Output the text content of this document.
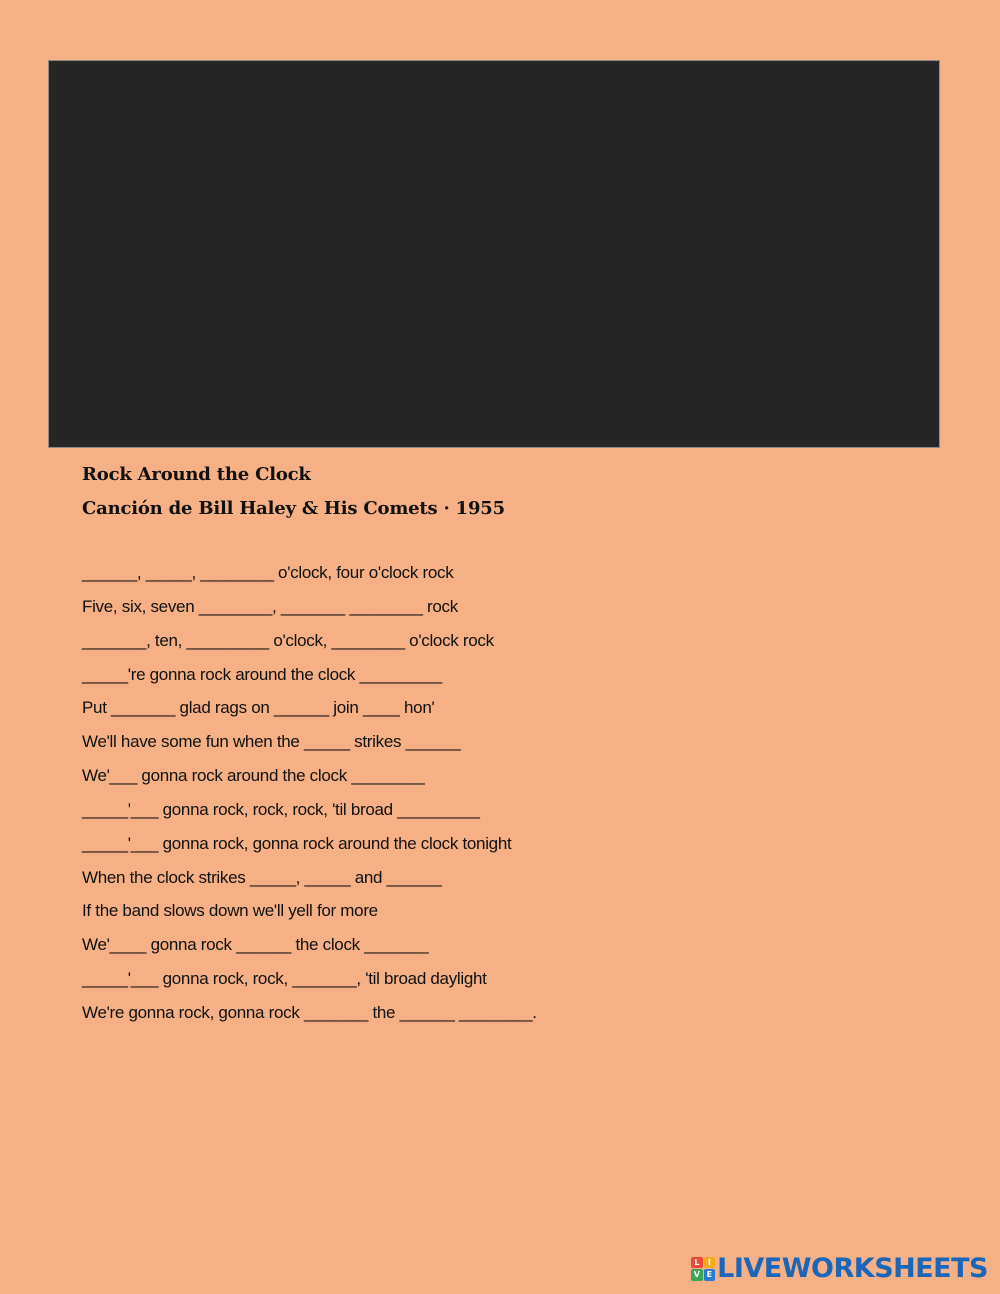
Rock Around the Clock
Canción de Bill Haley & His Comets · 1955
______, _____, ________ o'clock, four o'clock rock
Five, six, seven ________, _______ ________ rock
_______, ten, _________ o'clock, ________ o'clock rock
_____'re gonna rock around the clock _________
Put _______ glad rags on ______ join ____ hon'
We'll have some fun when the _____ strikes ______
We'___ gonna rock around the clock ________
_____'___ gonna rock, rock, rock, 'til broad _________
_____'___ gonna rock, gonna rock around the clock tonight
When the clock strikes _____, _____ and ______
If the band slows down we'll yell for more
We'____ gonna rock ______ the clock _______
_____'___ gonna rock, rock, _______, 'til broad daylight
We're gonna rock, gonna rock _______ the ______ ________.
L	I
V E LIVEWORKSHEETS
